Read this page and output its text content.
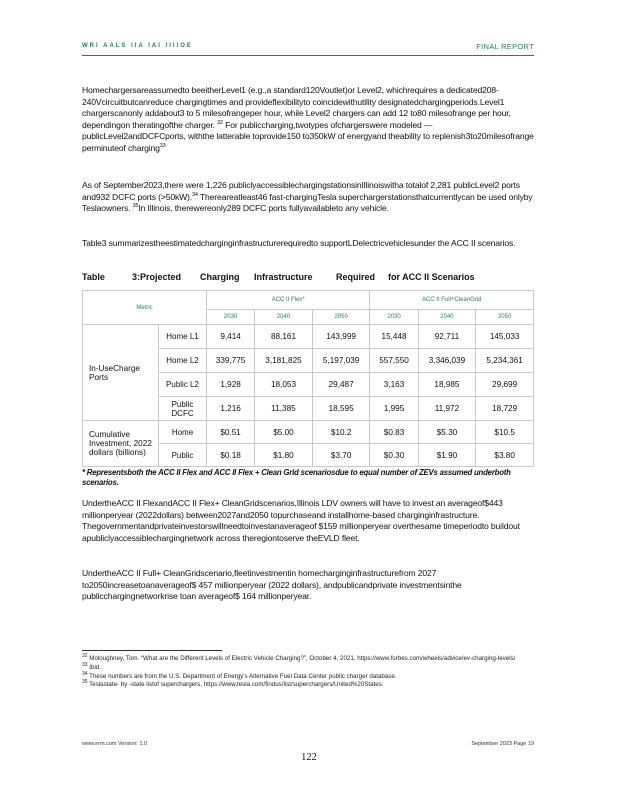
WRI AALS IIA IAI IIIIOE	FINAL REPORT
Homechargersareassumedto beeitherLevel1 (e.g.,a standard120Voutlet)or Level2, whichrequires a dedicated208-240Vcircuitbutcanreduce chargingtimes and provideflexibilityto coincidewithutility designatedchargingperiods.Level1 chargerscanonly addabout3 to 5 milesofrangeper hour, while Level2 chargers can add 12 to80 milesofrange per hour, dependingon theratingofthe charger. $^{32}$ For publiccharging,twotypes ofchargerswere modeled — publicLevel2andDCFCports, withthe latterable toprovide150 to350kW of energyand theability to replenish3to20milesofrange perminuteof charging$^{33}$
As of September2023,there were 1,226 publiclyaccessiblechargingstationsinIllinoiswitha totalof 2,281 publicLevel2 ports and932 DCFC ports (>50kW).$^{34}$ Thereareatleast46 fast-chargingTesla superchargerstationsthatcurrentlycan be used onlyby Teslaowners. $^{35}$In Illinois, therewereonly289 DCFC ports fullyavailableto any vehicle.
Table3 summarizestheestimatedcharginginfrastructurerequiredto supportLDelectricvehiclesunder the ACC II scenarios.
Table	3:Projected	Charging	Infrastructure	Required	for ACC II Scenarios
Metric		ACC II Flex*			ACC II Full+CleanGrid		
		2030	2040	2050	2030	2040	2050
In-UseCharge Ports	Home L1	9,414	88,161	143,999	15,448	92,711	145,033
	Home L2	339,775	3,181,825	5,197,039	557,550	3,346,039	5,234,361
	Public L2	1,928	18,053	29,487	3,163	18,985	29,699
	Public DCFC	1,216	11,385	18,595	1,995	11,972	18,729
Cumulative Investment, 2022 dollars (billions)	Home	$0.51	$5.00	$10.2	$0.83	$5.30	$10.5
	Public	$0.18	$1.80	$3.70	$0.30	$1.90	$3.80
* Representsboth the ACC II Flex and ACC II Flex + Clean Grid scenariosdue to equal number of ZEVs assumed underboth scenarios.
UndertheACC II FlexandACC II Flex+ CleanGridscenarios,Illinois LDV owners will have to invest an averageof$443 millionperyear (2022dollars) between2027and2050 topurchaseand installhome-based charginginfrastructure. Thegovernmentandprivateinvestorswillneedtoinvestanaverageof $159 millionperyear overthesame timeperiodto buildout apubliclyaccessiblechargingnetwork across theregiontoserve theEVLD fleet.
UndertheACC II Full+ CleanGridscenario,fleetinvestmentin homecharginginfrastructurefrom 2027 to2050increasetoanaverageof$ 457 millionperyear (2022 dollars), andpublicandprivate investmentsinthe publicchargingnetworkrise toan averageof$ 164 millionperyear.
$^{32}$ Moloughney, Tom. “What are the Different Levels of Electric Vehicle Charging?”, October 4, 2021, https://www.forbes.com/wheels/advice/ev-charging-levels/
$^{33}$ Ibid.
$^{34}$ These numbers are from the U.S. Department of Energy’s Alternative Fuel Data Center public charger database.
$^{35}$ Teslastate- by -state listof superchargers, https://www.tesla.com/findus/list/superchargers/United%20States.
www.erm.com Version: 1.0	September 2023 Page 19
122
